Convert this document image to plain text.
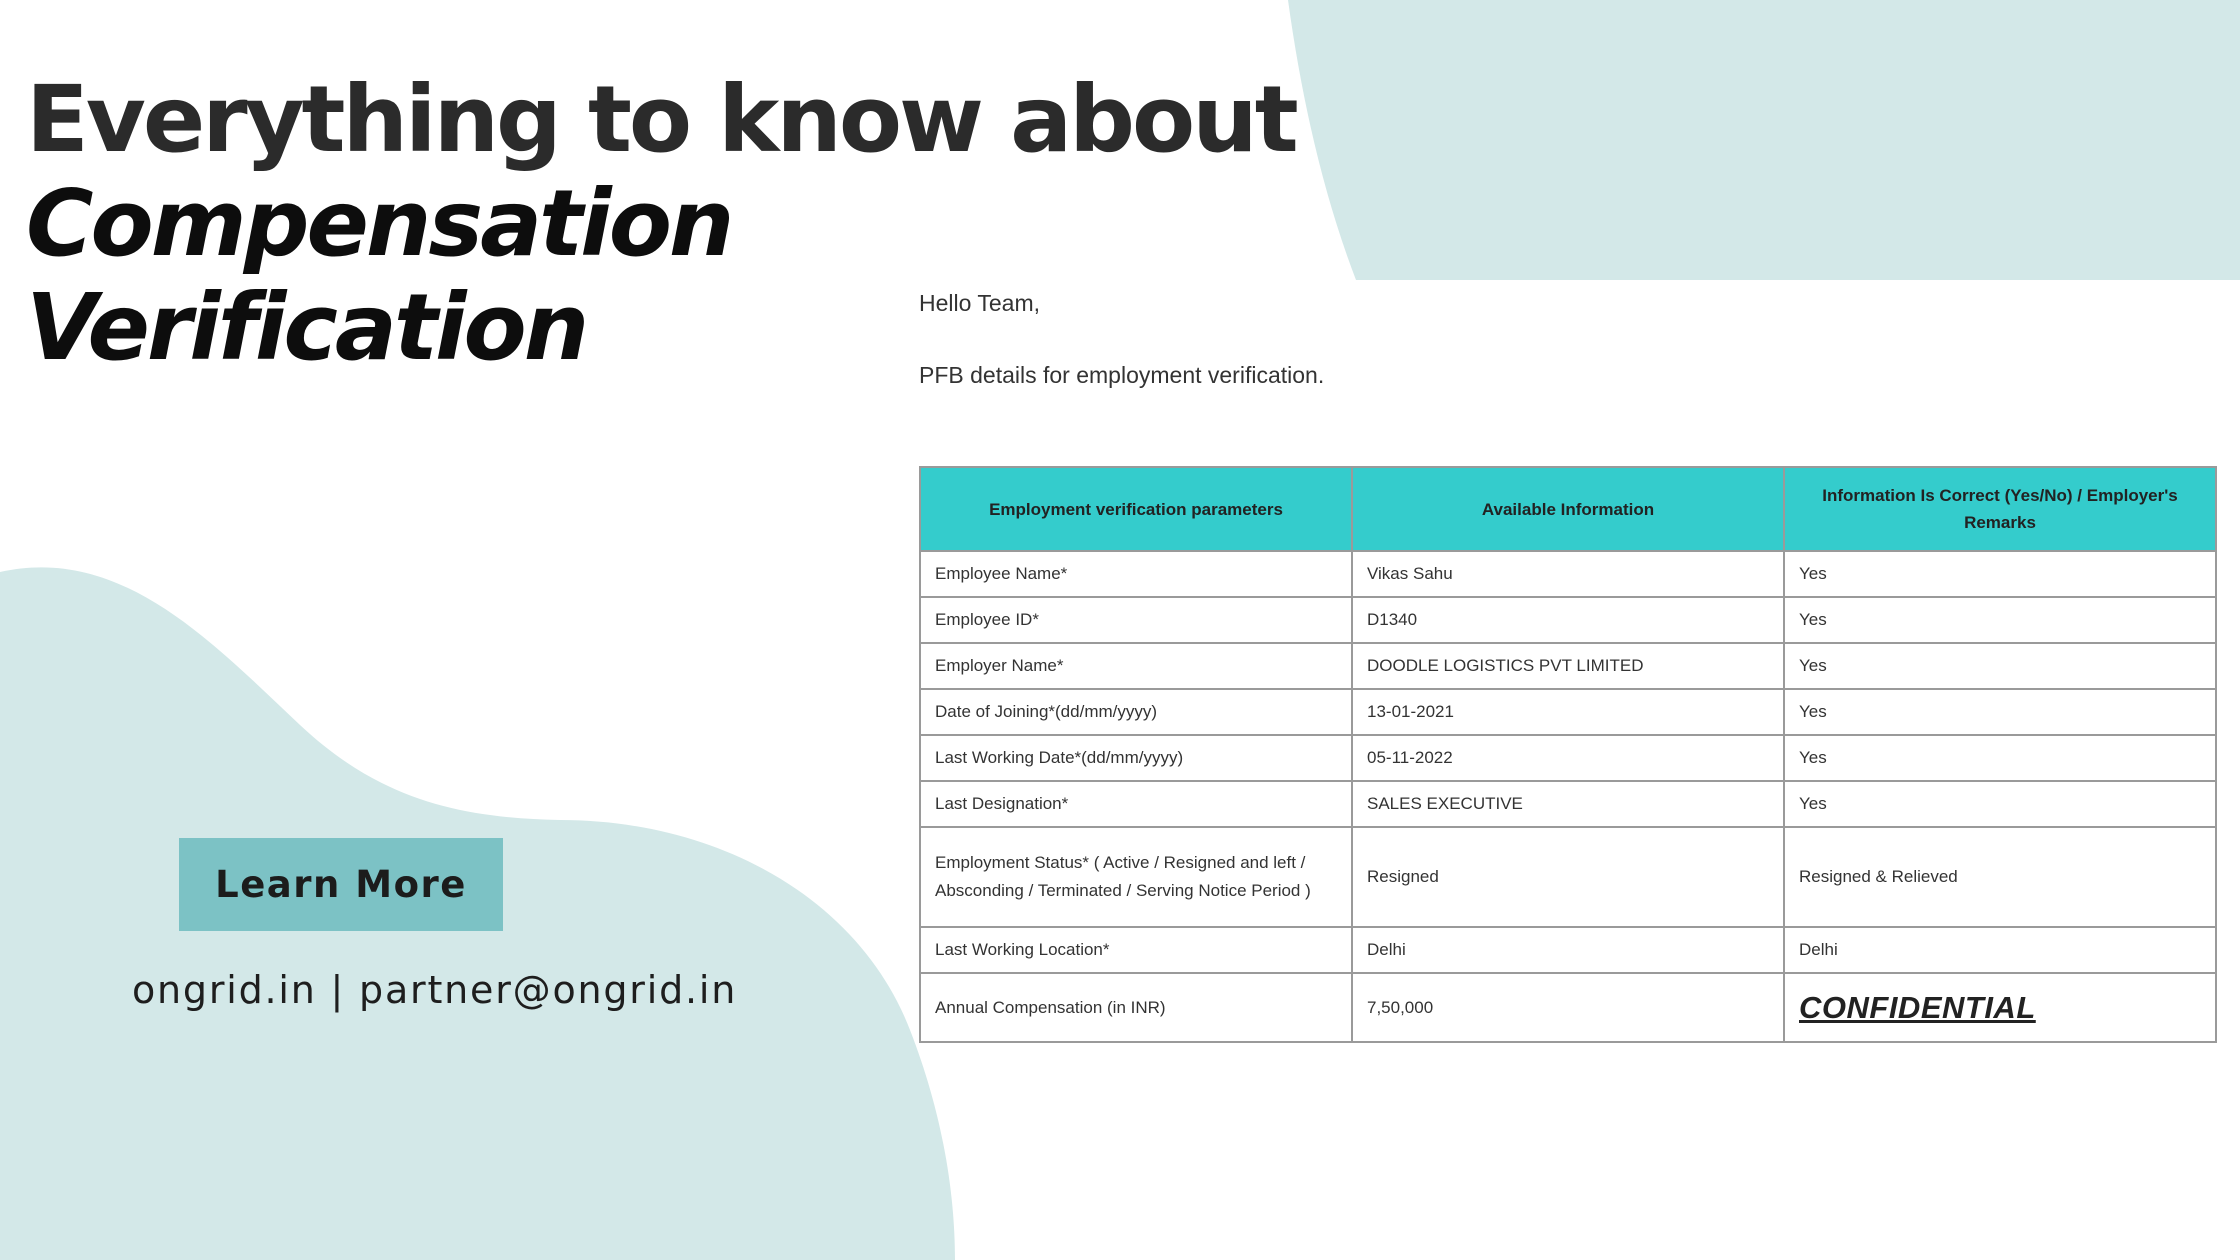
Everything to know about
Compensation
Verification
Learn More
ongrid.in | partner@ongrid.in
Hello Team,
PFB details for employment verification.
Employment verification parameters	Available Information	Information Is Correct (Yes/No) / Employer's Remarks
Employee Name*	Vikas Sahu	Yes
Employee ID*	D1340	Yes
Employer Name*	DOODLE LOGISTICS PVT LIMITED	Yes
Date of Joining*(dd/mm/yyyy)	13-01-2021	Yes
Last Working Date*(dd/mm/yyyy)	05-11-2022	Yes
Last Designation*	SALES EXECUTIVE	Yes
Employment Status* ( Active / Resigned and left / Absconding / Terminated / Serving Notice Period )	Resigned	Resigned & Relieved
Last Working Location*	Delhi	Delhi
Annual Compensation (in INR)	7,50,000	CONFIDENTIAL
